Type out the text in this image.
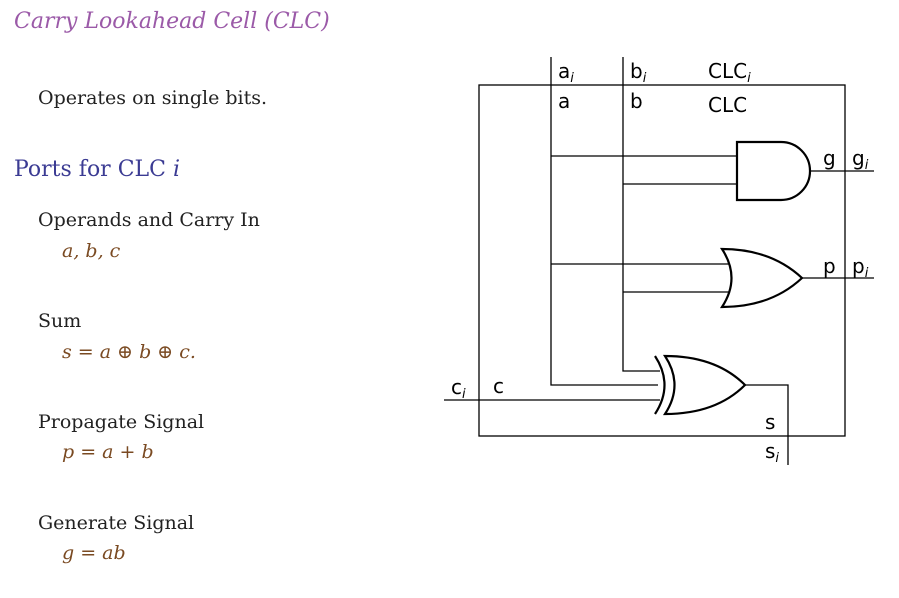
Carry Lookahead Cell (CLC)
Operates on single bits.
Ports for CLC i
Operands and Carry In
a, b, c
Sum
s = a ⊕ b ⊕ c.
Propagate Signal
p = a + b
Generate Signal
g = ab
$a_i$	$b_i$	$CLC_i$
$g_i$
$p_i$
$c_i$
$s_i$
a	b	CLC
g
p
c
s
